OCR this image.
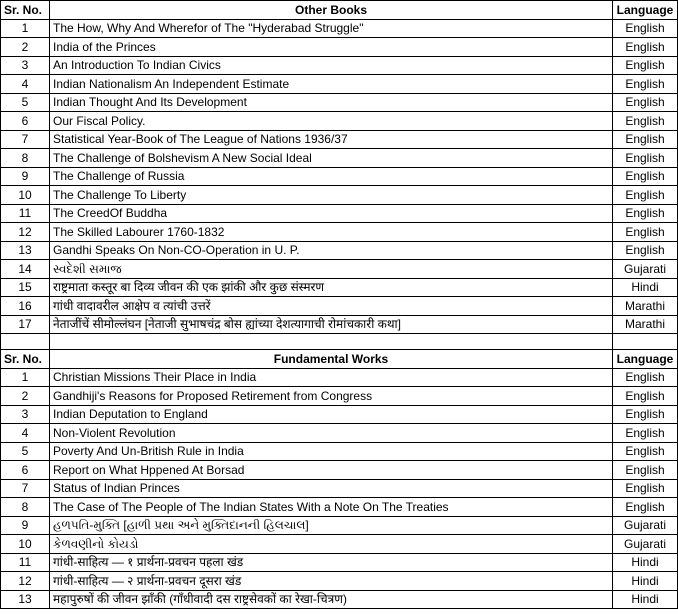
Sr. No.	Other Books	Language
1	The How, Why And Wherefor of The "Hyderabad Struggle"	English
2	India of the Princes	English
3	An Introduction To Indian Civics	English
4	Indian Nationalism An Independent Estimate	English
5	Indian Thought And Its Development	English
6	Our Fiscal Policy.	English
7	Statistical Year-Book of The League of Nations 1936/37	English
8	The Challenge of Bolshevism A New Social Ideal	English
9	The Challenge of Russia	English
10	The Challenge To Liberty	English
11	The CreedOf Buddha	English
12	The Skilled Labourer 1760-1832	English
13	Gandhi Speaks On Non-CO-Operation in U. P.	English
14	સ્વદેશી સમાજ	Gujarati
15	राष्ट्रमाता कस्तूर बा दिव्य जीवन की एक झांकी और कुछ संस्मरण	Hindi
16	गांधी वादावरील आक्षेप व त्यांची उत्तरें	Marathi
17	नेताजींचें सीमोल्लंघन [नेताजी सुभाषचंद्र बोस ह्यांच्या देशत्यागाची रोमांचकारी कथा]	Marathi

Sr. No.	Fundamental Works	Language
1	Christian Missions Their Place in India	English
2	Gandhiji's Reasons for Proposed Retirement from Congress	English
3	Indian Deputation to England	English
4	Non-Violent Revolution	English
5	Poverty And Un-British Rule in India	English
6	Report on What Hppened At Borsad	English
7	Status of Indian Princes	English
8	The Case of The People of The Indian States With a Note On The Treaties	English
9	હળપતિ-મુક્તિ [હાળી પ્રથા અને મુક્તિદાનની હિલચાલ]	Gujarati
10	કેળવણીનો કોયડો	Gujarati
11	गांधी-साहित्य — १ प्रार्थना-प्रवचन पहला खंड	Hindi
12	गांधी-साहित्य — २ प्रार्थना-प्रवचन दूसरा खंड	Hindi
13	महापुरुषों की जीवन झाँकी (गाँधीवादी दस राष्ट्रसेवकों का रेखा-चित्रण)	Hindi
